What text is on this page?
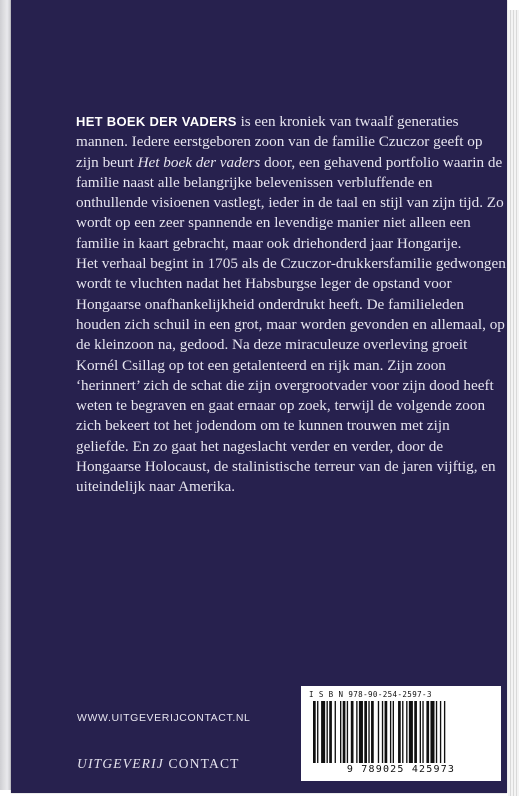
HET BOEK DER VADERS is een kroniek van twaalf generaties mannen. Iedere eerstgeboren zoon van de familie Czuczor geeft op zijn beurt Het boek der vaders door, een gehavend portfolio waarin de familie naast alle belangrijke belevenissen verbluffende en onthullende visioenen vastlegt, ieder in de taal en stijl van zijn tijd. Zo wordt op een zeer spannende en levendige manier niet alleen een familie in kaart gebracht, maar ook driehonderd jaar Hongarije.

Het verhaal begint in 1705 als de Czuczor-drukkersfamilie gedwongen wordt te vluchten nadat het Habsburgse leger de opstand voor Hongaarse onafhankelijkheid onderdrukt heeft. De familieleden houden zich schuil in een grot, maar worden gevonden en allemaal, op de kleinzoon na, gedood. Na deze miraculeuze overleving groeit Kornél Csillag op tot een getalenteerd en rijk man. Zijn zoon ‘herinnert’ zich de schat die zijn overgrootvader voor zijn dood heeft weten te begraven en gaat ernaar op zoek, terwijl de volgende zoon zich bekeert tot het jodendom om te kunnen trouwen met zijn geliefde. En zo gaat het nageslacht verder en verder, door de Hongaarse Holocaust, de stalinistische terreur van de jaren vijftig, en uiteindelijk naar Amerika.

WWW.UITGEVERIJCONTACT.NL
UITGEVERIJ CONTACT
I S B N 978-90-254-2597-3
9 789025 425973
